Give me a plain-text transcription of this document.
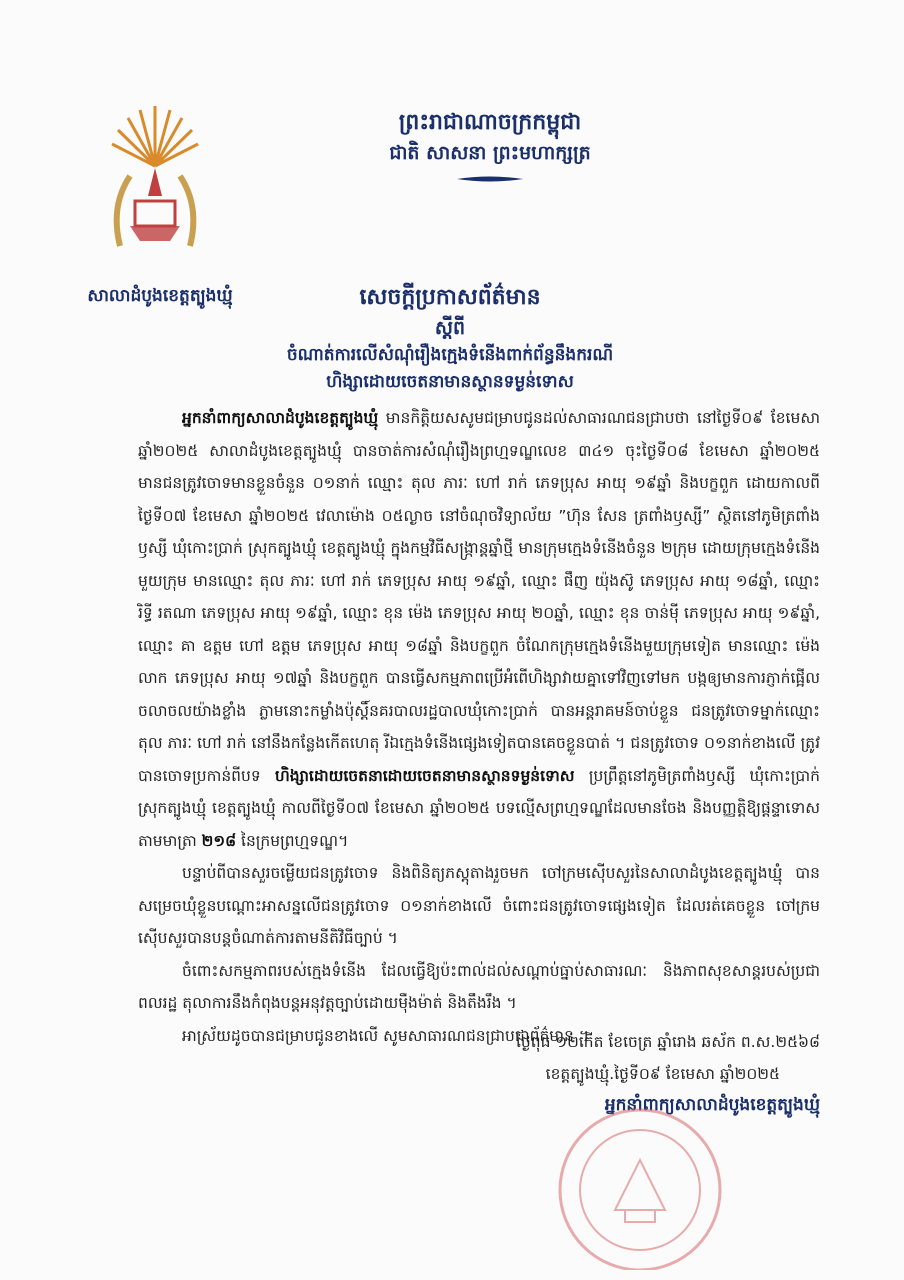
សាលាដំបូងខេត្តត្បូងឃ្មុំ
ព្រះរាជាណាចក្រកម្ពុជា
ជាតិ សាសនា ព្រះមហាក្សត្រ
សេចក្តីប្រកាសព័ត៌មាន
ស្តីពី
ចំណាត់ការលើសំណុំរឿងក្មេងទំនើងពាក់ព័ន្ធនឹងករណី
ហិង្សាដោយចេតនាមានស្ថានទម្ងន់ទោស

អ្នកនាំពាក្យសាលាដំបូងខេត្តត្បូងឃ្មុំ មានកិត្តិយសសូមជម្រាបជូនដល់សាធារណជនជ្រាបថា នៅថ្ងៃទី០៩ ខែមេសា ឆ្នាំ២០២៥ សាលាដំបូងខេត្តត្បូងឃ្មុំ បានចាត់ការសំណុំរឿងព្រហ្មទណ្ឌលេខ ៣៤១ ចុះថ្ងៃទី០៨ ខែមេសា ឆ្នាំ២០២៥ មានជនត្រូវចោទមានខ្លួនចំនួន ០១នាក់ ឈ្មោះ តុល ភារៈ ហៅ រាក់ ភេទប្រុស អាយុ ១៩ឆ្នាំ និងបក្ខពួក ដោយកាលពីថ្ងៃទី០៧ ខែមេសា ឆ្នាំ២០២៥ វេលាម៉ោង ០៥ល្ងាច នៅចំណុចវិទ្យាល័យ ”ហ៊ុន សែន ត្រពាំងឫស្សី” ស្ថិតនៅភូមិត្រពាំងឫស្សី ឃុំកោះប្រាក់ ស្រុកត្បូងឃ្មុំ ខេត្តត្បូងឃ្មុំ ក្នុងកម្មវិធីសង្ក្រាន្តឆ្នាំថ្មី មានក្រុមក្មេងទំនើងចំនួន ២ក្រុម ដោយក្រុមក្មេងទំនើងមួយក្រុម មានឈ្មោះ តុល ភារៈ ហៅ រាក់ ភេទប្រុស អាយុ ១៩ឆ្នាំ, ឈ្មោះ ផឹញ យ៉ុងស៊ូ ភេទប្រុស អាយុ ១៨ឆ្នាំ, ឈ្មោះ រិទ្ធី រតណា ភេទប្រុស អាយុ ១៩ឆ្នាំ, ឈ្មោះ ខុន ម៉េង ភេទប្រុស អាយុ ២០ឆ្នាំ, ឈ្មោះ ខុន ចាន់មុី ភេទប្រុស អាយុ ១៩ឆ្នាំ, ឈ្មោះ គា ឧត្តម ហៅ ឧត្តម ភេទប្រុស អាយុ ១៨ឆ្នាំ និងបក្ខពួក ចំណែកក្រុមក្មេងទំនើងមួយក្រុមទៀត មានឈ្មោះ ម៉េង លាក ភេទប្រុស អាយុ ១៧ឆ្នាំ និងបក្ខពួក បានធ្វើសកម្មភាពប្រើអំពើហិង្សាវាយគ្នាទៅវិញទៅមក បង្កឲ្យមានការភ្ញាក់ផ្អើលចលាចលយ៉ាងខ្លាំង ភ្លាមនោះកម្លាំងប៉ុស្តិ៍នគរបាលរដ្ឋបាលឃុំកោះប្រាក់ បានអន្តរាគមន៍ចាប់ខ្លួន ជនត្រូវចោទម្នាក់ឈ្មោះ តុល ភារៈ ហៅ រាក់ នៅនឹងកន្លែងកើតហេតុ រីឯក្មេងទំនើងផ្សេងទៀតបានគេចខ្លួនបាត់ ។ ជនត្រូវចោទ ០១នាក់ខាងលើ ត្រូវបានចោទប្រកាន់ពីបទ ហិង្សាដោយចេតនាដោយចេតនាមានស្ថានទម្ងន់ទោស ប្រព្រឹត្តនៅភូមិត្រពាំងឫស្សី ឃុំកោះប្រាក់ ស្រុកត្បូងឃ្មុំ ខេត្តត្បូងឃ្មុំ កាលពីថ្ងៃទី០៧ ខែមេសា ឆ្នាំ២០២៥ បទល្មើសព្រហ្មទណ្ឌដែលមានចែង និងបញ្ញត្តិឱ្យផ្តន្ទាទោសតាមមាត្រា ២១៨ នៃក្រមព្រហ្មទណ្ឌ។

បន្ទាប់ពីបានសួរចម្លើយជនត្រូវចោទ និងពិនិត្យភស្តុតាងរួចមក ចៅក្រមស៊ើបសួរនៃសាលាដំបូងខេត្តត្បូងឃ្មុំ បានសម្រេចឃុំខ្លួនបណ្តោះអាសន្នលើជនត្រូវចោទ ០១នាក់ខាងលើ ចំពោះជនត្រូវចោទផ្សេងទៀត ដែលរត់គេចខ្លួន ចៅក្រមស៊ើបសួរបានបន្តចំណាត់ការតាមនីតិវិធីច្បាប់ ។

ចំពោះសកម្មភាពរបស់ក្មេងទំនើង ដែលធ្វើឱ្យប៉ះពាល់ដល់សណ្តាប់ធ្នាប់សាធារណៈ និងភាពសុខសាន្តរបស់ប្រជាពលរដ្ឋ តុលាការនឹងកំពុងបន្តអនុវត្តច្បាប់ដោយម៉ឺងម៉ាត់ និងតឹងរឹង ។

អាស្រ័យដូចបានជម្រាបជូនខាងលើ សូមសាធារណជនជ្រាបជាព័ត៌មាន ។

ថ្ងៃពុធ ១២កើត ខែចេត្រ ឆ្នាំរោង ឆស័ក ព.ស.២៥៦៨
ខេត្តត្បូងឃ្មុំ.ថ្ងៃទី០៩ ខែមេសា ឆ្នាំ២០២៥
អ្នកនាំពាក្យសាលាដំបូងខេត្តត្បូងឃ្មុំ
